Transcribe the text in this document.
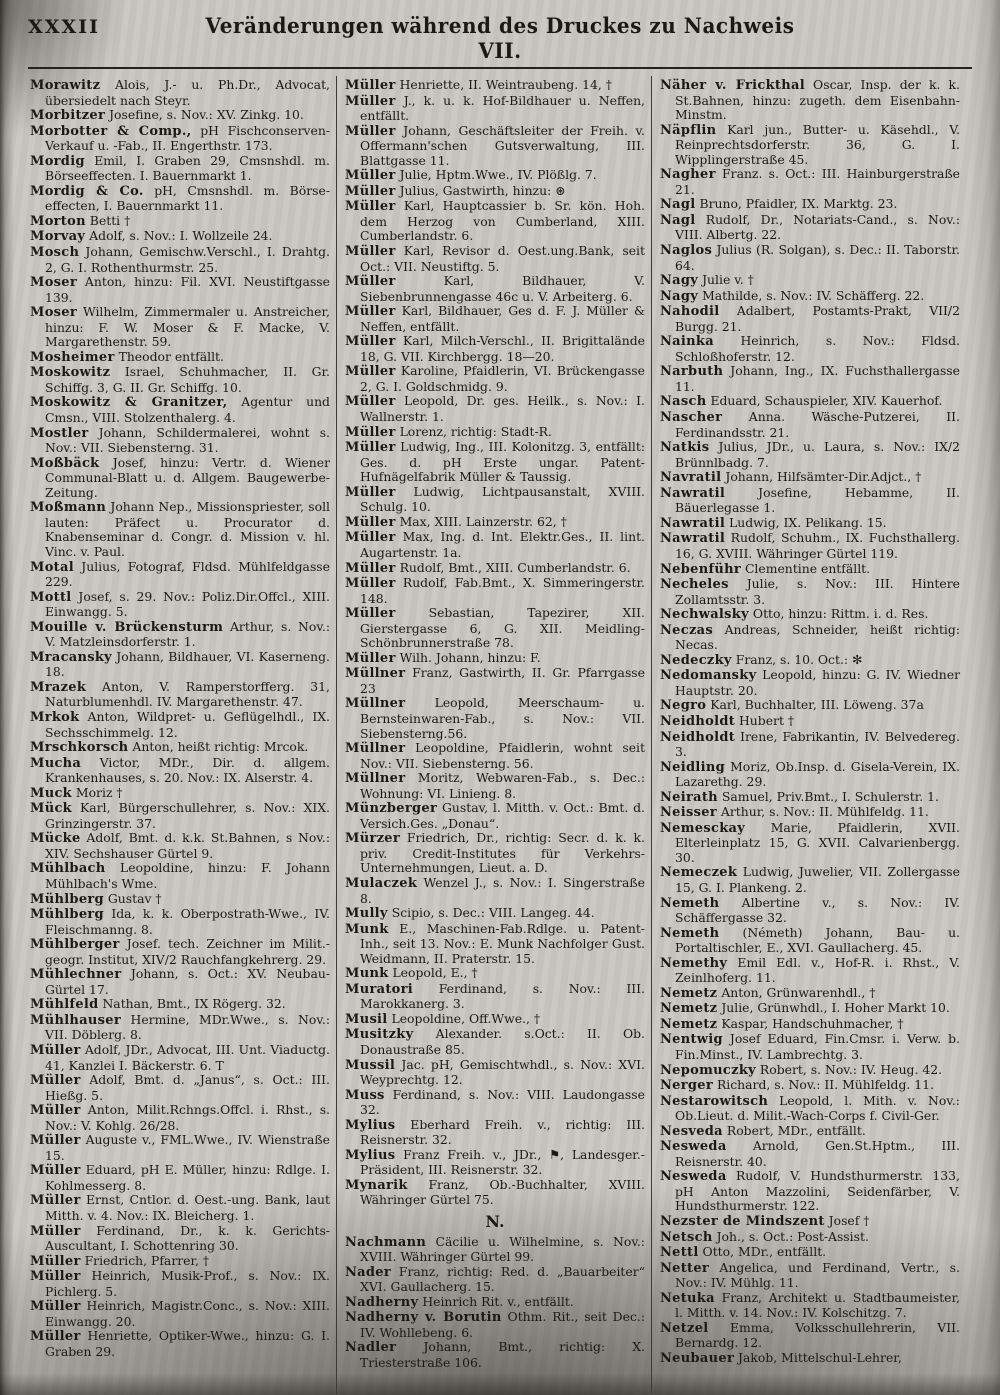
XXXII	Veränderungen während des Druckes zu Nachweis VII.

Morawitz Alois, J.- u. Ph.Dr., Advocat, übersiedelt nach Steyr.

Morbitzer Josefine, s. Nov.: XV. Zinkg. 10.

Morbotter & Comp., pH Fischconserven-Verkauf u. -Fab., II. Engerthstr. 173.

Mordig Emil, I. Graben 29, Cmsnshdl. m. Börseeffecten. I. Bauernmarkt 1.

Mordig & Co. pH, Cmsnshdl. m. Börseeffecten, I. Bauernmarkt 11.

Morton Betti †

Morvay Adolf, s. Nov.: I. Wollzeile 24.

Mosch Johann, Gemischw.Verschl., I. Drahtg. 2, G. I. Rothenthurmstr. 25.

Moser Anton, hinzu: Fil. XVI. Neustiftgasse 139.

Moser Wilhelm, Zimmermaler u. Anstreicher, hinzu: F. W. Moser & F. Macke, V. Margarethenstr. 59.

Mosheimer Theodor entfällt.

Moskowitz Israel, Schuhmacher, II. Gr. Schiffg. 3, G. II. Gr. Schiffg. 10.

Moskowitz & Granitzer, Agentur und Cmsn., VIII. Stolzenthalerg. 4.

Mostler Johann, Schildermalerei, wohnt s. Nov.: VII. Siebensterng. 31.

Moßbäck Josef, hinzu: Vertr. d. Wiener Communal-Blatt u. d. Allgem. Baugewerbe-Zeitung.

Moßmann Johann Nep., Missionspriester, soll lauten: Präfect u. Procurator d. Knabenseminar d. Congr. d. Mission v. hl. Vinc. v. Paul.

Motal Julius, Fotograf, Fldsd. Mühlfeldgasse 229.

Mottl Josef, s. 29. Nov.: Poliz.Dir.Offcl., XIII. Einwangg. 5.

Mouille v. Brückensturm Arthur, s. Nov.: V. Matzleinsdorferstr. 1.

Mracansky Johann, Bildhauer, VI. Kaserneng. 18.

Mrazek Anton, V. Ramperstorfferg. 31, Naturblumenhdl. IV. Margarethenstr. 47.

Mrkok Anton, Wildpret- u. Geflügelhdl., IX. Sechsschimmelg. 12.

Mrschkorsch Anton, heißt richtig: Mrcok.

Mucha Victor, MDr., Dir. d. allgem. Krankenhauses, s. 20. Nov.: IX. Alserstr. 4.

Muck Moriz †

Mück Karl, Bürgerschullehrer, s. Nov.: XIX. Grinzingerstr. 37.

Mücke Adolf, Bmt. d. k.k. St.Bahnen, s Nov.: XIV. Sechshauser Gürtel 9.

Mühlbach Leopoldine, hinzu: F. Johann Mühlbach's Wme.

Mühlberg Gustav †

Mühlberg Ida, k. k. Oberpostrath-Wwe., IV. Fleischmanng. 8.

Mühlberger Josef. tech. Zeichner im Milit.-geogr. Institut, XIV/2 Rauchfangkehrerg. 29.

Mühlechner Johann, s. Oct.: XV. Neubau-Gürtel 17.

Mühlfeld Nathan, Bmt., IX Rögerg. 32.

Mühlhauser Hermine, MDr.Wwe., s. Nov.: VII. Döblerg. 8.

Müller Adolf, JDr., Advocat, III. Unt. Viaductg. 41, Kanzlei I. Bäckerstr. 6. T

Müller Adolf, Bmt. d. „Janus“, s. Oct.: III. Hießg. 5.

Müller Anton, Milit.Rchngs.Offcl. i. Rhst., s. Nov.: V. Kohlg. 26/28.

Müller Auguste v., FML.Wwe., IV. Wienstraße 15.

Müller Eduard, pH E. Müller, hinzu: Rdlge. I. Kohlmesserg. 8.

Müller Ernst, Cntlor. d. Oest.-ung. Bank, laut Mitth. v. 4. Nov.: IX. Bleicherg. 1.

Müller Ferdinand, Dr., k. k. Gerichts-Auscultant, I. Schottenring 30.

Müller Friedrich, Pfarrer, †

Müller Heinrich, Musik-Prof., s. Nov.: IX. Pichlerg. 5.

Müller Heinrich, Magistr.Conc., s. Nov.: XIII. Einwangg. 20.

Müller Henriette, Optiker-Wwe., hinzu: G. I. Graben 29.

Müller Henriette, II. Weintraubeng. 14, †

Müller J., k. u. k. Hof-Bildhauer u. Neffen, entfällt.

Müller Johann, Geschäftsleiter der Freih. v. Offermann'schen Gutsverwaltung, III. Blattgasse 11.

Müller Julie, Hptm.Wwe., IV. Plößlg. 7.

Müller Julius, Gastwirth, hinzu: ⊛

Müller Karl, Hauptcassier b. Sr. kön. Hoh. dem Herzog von Cumberland, XIII. Cumberlandstr. 6.

Müller Karl, Revisor d. Oest.ung.Bank, seit Oct.: VII. Neustiftg. 5.

Müller Karl, Bildhauer, V. Siebenbrunnengasse 46c u. V. Arbeiterg. 6.

Müller Karl, Bildhauer, Ges d. F. J. Müller & Neffen, entfällt.

Müller Karl, Milch-Verschl., II. Brigittalände 18, G. VII. Kirchbergg. 18—20.

Müller Karoline, Pfaidlerin, VI. Brückengasse 2, G. I. Goldschmidg. 9.

Müller Leopold, Dr. ges. Heilk., s. Nov.: I. Wallnerstr. 1.

Müller Lorenz, richtig: Stadt-R.

Müller Ludwig, Ing., III. Kolonitzg. 3, entfällt: Ges. d. pH Erste ungar. Patent-Hufnägelfabrik Müller & Taussig.

Müller Ludwig, Lichtpausanstalt, XVIII. Schulg. 10.

Müller Max, XIII. Lainzerstr. 62, †

Müller Max, Ing. d. Int. Elektr.Ges., II. lint. Augartenstr. 1a.

Müller Rudolf, Bmt., XIII. Cumberlandstr. 6.

Müller Rudolf, Fab.Bmt., X. Simmeringerstr. 148.

Müller Sebastian, Tapezirer, XII. Gierstergasse 6, G. XII. Meidling-Schönbrunnerstraße 78.

Müller Wilh. Johann, hinzu: F.

Müllner Franz, Gastwirth, II. Gr. Pfarrgasse 23

Müllner Leopold, Meerschaum- u. Bernsteinwaren-Fab., s. Nov.: VII. Siebensterng.56.

Müllner Leopoldine, Pfaidlerin, wohnt seit Nov.: VII. Siebensterng. 56.

Müllner Moritz, Webwaren-Fab., s. Dec.: Wohnung: VI. Linieng. 8.

Münzberger Gustav, l. Mitth. v. Oct.: Bmt. d. Versich.Ges. „Donau“.

Mürzer Friedrich, Dr., richtig: Secr. d. k. k. priv. Credit-Institutes für Verkehrs-Unternehmungen, Lieut. a. D.

Mulaczek Wenzel J., s. Nov.: I. Singerstraße 8.

Mully Scipio, s. Dec.: VIII. Langeg. 44.

Munk E., Maschinen-Fab.Rdlge. u. Patent-Inh., seit 13. Nov.: E. Munk Nachfolger Gust. Weidmann, II. Praterstr. 15.

Munk Leopold, E., †

Muratori Ferdinand, s. Nov.: III. Marokkanerg. 3.

Musil Leopoldine, Off.Wwe., †

Musitzky Alexander. s.Oct.: II. Ob. Donaustraße 85.

Mussil Jac. pH, Gemischtwhdl., s. Nov.: XVI. Weyprechtg. 12.

Muss Ferdinand, s. Nov.: VIII. Laudongasse 32.

Mylius Eberhard Freih. v., richtig: III. Reisnerstr. 32.

Mylius Franz Freih. v., JDr., ⚑, Landesger.-Präsident, III. Reisnerstr. 32.

Mynarik Franz, Ob.-Buchhalter, XVIII. Währinger Gürtel 75.

N.

Nachmann Cäcilie u. Wilhelmine, s. Nov.: XVIII. Währinger Gürtel 99.

Nader Franz, richtig: Red. d. „Bauarbeiter“ XVI. Gaullacherg. 15.

Nadherny Heinrich Rit. v., entfällt.

Nadherny v. Borutin Othm. Rit., seit Dec.: IV. Wohllebeng. 6.

Nadler Johann, Bmt., richtig: X. Triesterstraße 106.

Näher v. Frickthal Oscar, Insp. der k. k. St.Bahnen, hinzu: zugeth. dem Eisenbahn-Minstm.

Näpflin Karl jun., Butter- u. Käsehdl., V. Reinprechtsdorferstr. 36, G. I. Wipplingerstraße 45.

Nagher Franz. s. Oct.: III. Hainburgerstraße 21.

Nagl Bruno, Pfaidler, IX. Marktg. 23.

Nagl Rudolf, Dr., Notariats-Cand., s. Nov.: VIII. Albertg. 22.

Naglos Julius (R. Solgan), s. Dec.: II. Taborstr. 64.

Nagy Julie v. †

Nagy Mathilde, s. Nov.: IV. Schäfferg. 22.

Nahodil Adalbert, Postamts-Prakt, VII/2 Burgg. 21.

Nainka Heinrich, s. Nov.: Fldsd. Schloßhoferstr. 12.

Narbuth Johann, Ing., IX. Fuchsthallergasse 11.

Nasch Eduard, Schauspieler, XIV. Kauerhof.

Nascher Anna. Wäsche-Putzerei, II. Ferdinandsstr. 21.

Natkis Julius, JDr., u. Laura, s. Nov.: IX/2 Brünnlbadg. 7.

Navratil Johann, Hilfsämter-Dir.Adjct., †

Nawratil Josefine, Hebamme, II. Bäuerlegasse 1.

Nawratil Ludwig, IX. Pelikang. 15.

Nawratil Rudolf, Schuhm., IX. Fuchsthallerg. 16, G. XVIII. Währinger Gürtel 119.

Nebenführ Clementine entfällt.

Necheles Julie, s. Nov.: III. Hintere Zollamtsstr. 3.

Nechwalsky Otto, hinzu: Rittm. i. d. Res.

Neczas Andreas, Schneider, heißt richtig: Necas.

Nedeczky Franz, s. 10. Oct.: ✻

Nedomansky Leopold, hinzu: G. IV. Wiedner Hauptstr. 20.

Negro Karl, Buchhalter, III. Löweng. 37a

Neidholdt Hubert †

Neidholdt Irene, Fabrikantin, IV. Belvedereg. 3.

Neidling Moriz, Ob.Insp. d. Gisela-Verein, IX. Lazarethg. 29.

Neirath Samuel, Priv.Bmt., I. Schulerstr. 1.

Neisser Arthur, s. Nov.: II. Mühlfeldg. 11.

Nemesckay Marie, Pfaidlerin, XVII. Elterleinplatz 15, G. XVII. Calvarienbergg. 30.

Nemeczek Ludwig, Juwelier, VII. Zollergasse 15, G. I. Plankeng. 2.

Nemeth Albertine v., s. Nov.: IV. Schäffergasse 32.

Nemeth (Németh) Johann, Bau- u. Portaltischler, E., XVI. Gaullacherg. 45.

Nemethy Emil Edl. v., Hof-R. i. Rhst., V. Zeinlhoferg. 11.

Nemetz Anton, Grünwarenhdl., †

Nemetz Julie, Grünwhdl., I. Hoher Markt 10.

Nemetz Kaspar, Handschuhmacher, †

Nentwig Josef Eduard, Fin.Cmsr. i. Verw. b. Fin.Minst., IV. Lambrechtg. 3.

Nepomuczky Robert, s. Nov.: IV. Heug. 42.

Nerger Richard, s. Nov.: II. Mühlfeldg. 11.

Nestarowitsch Leopold, l. Mith. v. Nov.: Ob.Lieut. d. Milit.-Wach-Corps f. Civil-Ger.

Nesveda Robert, MDr., entfällt.

Nesweda Arnold, Gen.St.Hptm., III. Reisnerstr. 40.

Nesweda Rudolf, V. Hundsthurmerstr. 133, pH Anton Mazzolini, Seidenfärber, V. Hundsthurmerstr. 122.

Nezster de Mindszent Josef †

Netsch Joh., s. Oct.: Post-Assist.

Nettl Otto, MDr., entfällt.

Netter Angelica, und Ferdinand, Vertr., s. Nov.: IV. Mühlg. 11.

Netuka Franz, Architekt u. Stadtbaumeister, l. Mitth. v. 14. Nov.: IV. Kolschitzg. 7.

Netzel Emma, Volksschullehrerin, VII. Bernardg. 12.

Neubauer Jakob, Mittelschul-Lehrer,
